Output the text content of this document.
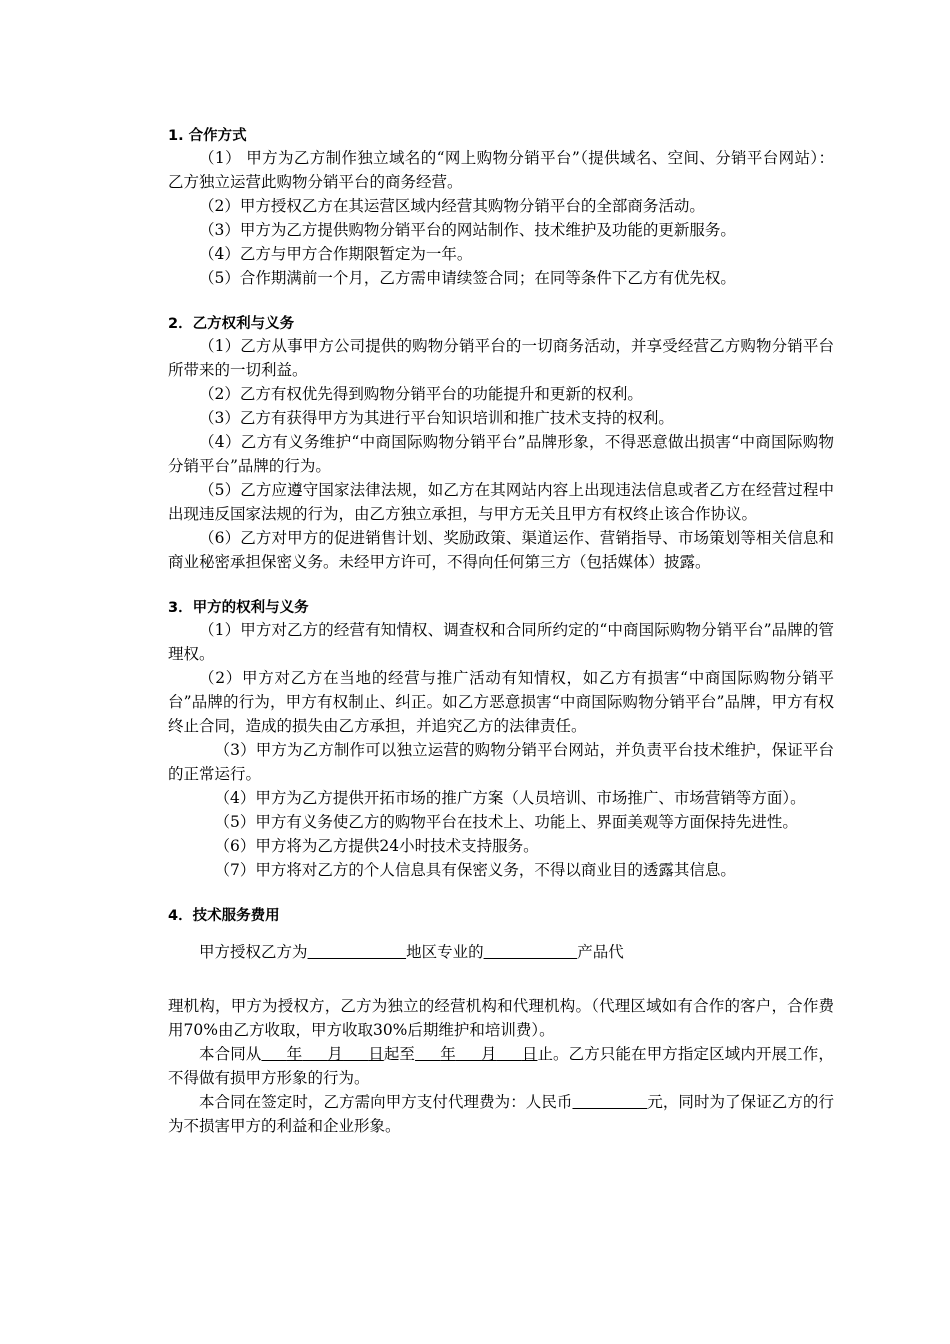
1. 合作方式
（1） 甲方为乙方制作独立域名的“网上购物分销平台”（提供域名、空间、分销平台网站）：乙方独立运营此购物分销平台的商务经营。
（2）甲方授权乙方在其运营区域内经营其购物分销平台的全部商务活动。
（3）甲方为乙方提供购物分销平台的网站制作、技术维护及功能的更新服务。
（4）乙方与甲方合作期限暂定为一年。
（5）合作期满前一个月，乙方需申请续签合同；在同等条件下乙方有优先权。
2．乙方权利与义务
（1）乙方从事甲方公司提供的购物分销平台的一切商务活动，并享受经营乙方购物分销平台所带来的一切利益。
（2）乙方有权优先得到购物分销平台的功能提升和更新的权利。
（3）乙方有获得甲方为其进行平台知识培训和推广技术支持的权利。
（4）乙方有义务维护“中商国际购物分销平台”品牌形象，不得恶意做出损害“中商国际购物分销平台”品牌的行为。
（5）乙方应遵守国家法律法规，如乙方在其网站内容上出现违法信息或者乙方在经营过程中出现违反国家法规的行为，由乙方独立承担，与甲方无关且甲方有权终止该合作协议。
（6）乙方对甲方的促进销售计划、奖励政策、渠道运作、营销指导、市场策划等相关信息和商业秘密承担保密义务。未经甲方许可，不得向任何第三方（包括媒体）披露。
3．甲方的权利与义务
（1）甲方对乙方的经营有知情权、调查权和合同所约定的“中商国际购物分销平台”品牌的管理权。
（2）甲方对乙方在当地的经营与推广活动有知情权，如乙方有损害“中商国际购物分销平台”品牌的行为，甲方有权制止、纠正。如乙方恶意损害“中商国际购物分销平台”品牌，甲方有权终止合同，造成的损失由乙方承担，并追究乙方的法律责任。
（3）甲方为乙方制作可以独立运营的购物分销平台网站，并负责平台技术维护，保证平台的正常运行。
（4）甲方为乙方提供开拓市场的推广方案（人员培训、市场推广、市场营销等方面）。
（5）甲方有义务使乙方的购物平台在技术上、功能上、界面美观等方面保持先进性。
（6）甲方将为乙方提供24小时技术支持服务。
（7）甲方将对乙方的个人信息具有保密义务，不得以商业目的透露其信息。
4．技术服务费用
甲方授权乙方为	地区专业的	产品代
理机构，甲方为授权方，乙方为独立的经营机构和代理机构。（代理区域如有合作的客户，合作费用70%由乙方收取，甲方收取30%后期维护和培训费）。
本合同从 年 月 日起至 年 月 日止。乙方只能在甲方指定区域内开展工作，不得做有损甲方形象的行为。
本合同在签定时，乙方需向甲方支付代理费为：人民币	元，同时为了保证乙方的行为不损害甲方的利益和企业形象。
